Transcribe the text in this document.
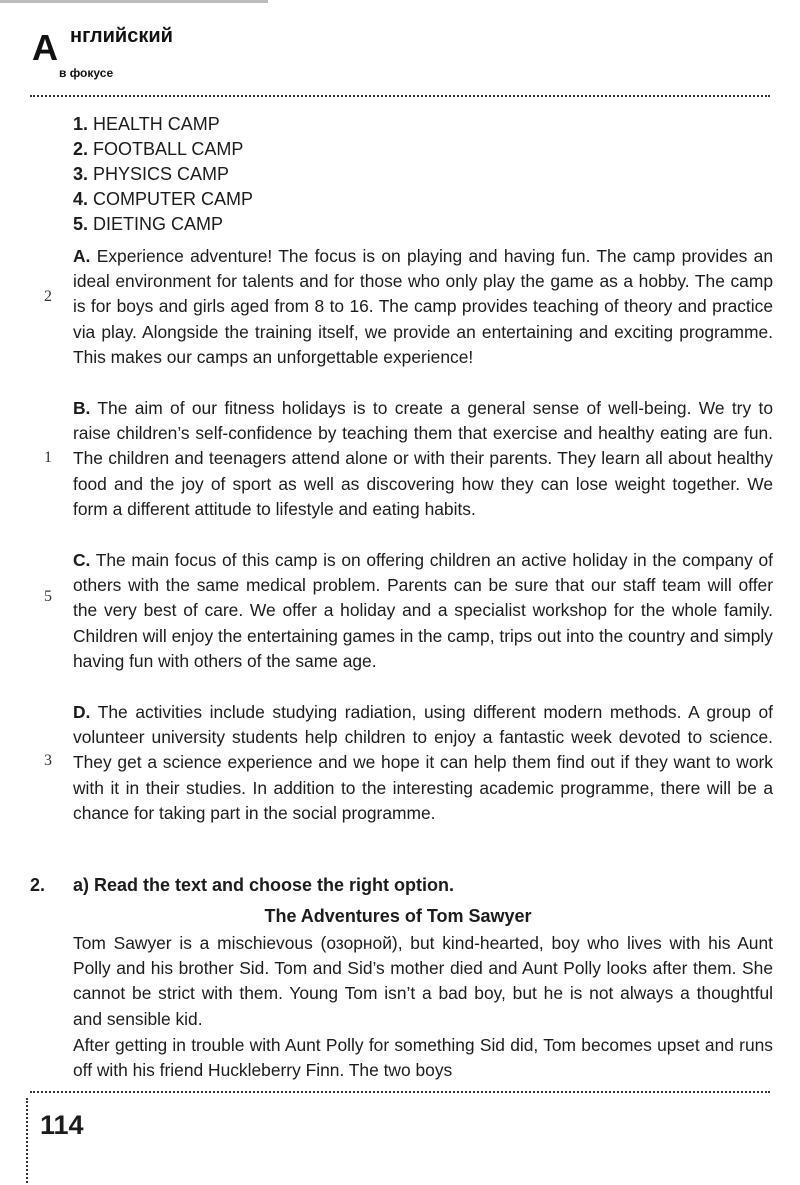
A нглийский
в фокусе
1. HEALTH CAMP
2. FOOTBALL CAMP
3. PHYSICS CAMP
4. COMPUTER CAMP
5. DIETING CAMP
2

A. Experience adventure! The focus is on playing and having fun. The camp provides an ideal environment for talents and for those who only play the game as a hobby. The camp is for boys and girls aged from 8 to 16. The camp provides teaching of theory and practice via play. Alongside the training itself, we provide an entertaining and exciting programme. This makes our camps an unforgettable experience!

1

B. The aim of our fitness holidays is to create a general sense of well-being. We try to raise children’s self-confidence by teaching them that exercise and healthy eating are fun. The children and teenagers attend alone or with their parents. They learn all about healthy food and the joy of sport as well as discovering how they can lose weight together. We form a different attitude to lifestyle and eating habits.

5

C. The main focus of this camp is on offering children an active holiday in the company of others with the same medical problem. Parents can be sure that our staff team will offer the very best of care. We offer a holiday and a specialist workshop for the whole family. Children will enjoy the entertaining games in the camp, trips out into the country and simply having fun with others of the same age.

3

D. The activities include studying radiation, using different modern methods. A group of volunteer university students help children to enjoy a fantastic week devoted to science. They get a science experience and we hope it can help them find out if they want to work with it in their studies. In addition to the interesting academic programme, there will be a chance for taking part in the social programme.

2. a) Read the text and choose the right option.
The Adventures of Tom Sawyer

Tom Sawyer is a mischievous (озорной), but kind-hearted, boy who lives with his Aunt Polly and his brother Sid. Tom and Sid’s mother died and Aunt Polly looks after them. She cannot be strict with them. Young Tom isn’t a bad boy, but he is not always a thoughtful and sensible kid.

After getting in trouble with Aunt Polly for something Sid did, Tom becomes upset and runs off with his friend Huckleberry Finn. The two boys

114
